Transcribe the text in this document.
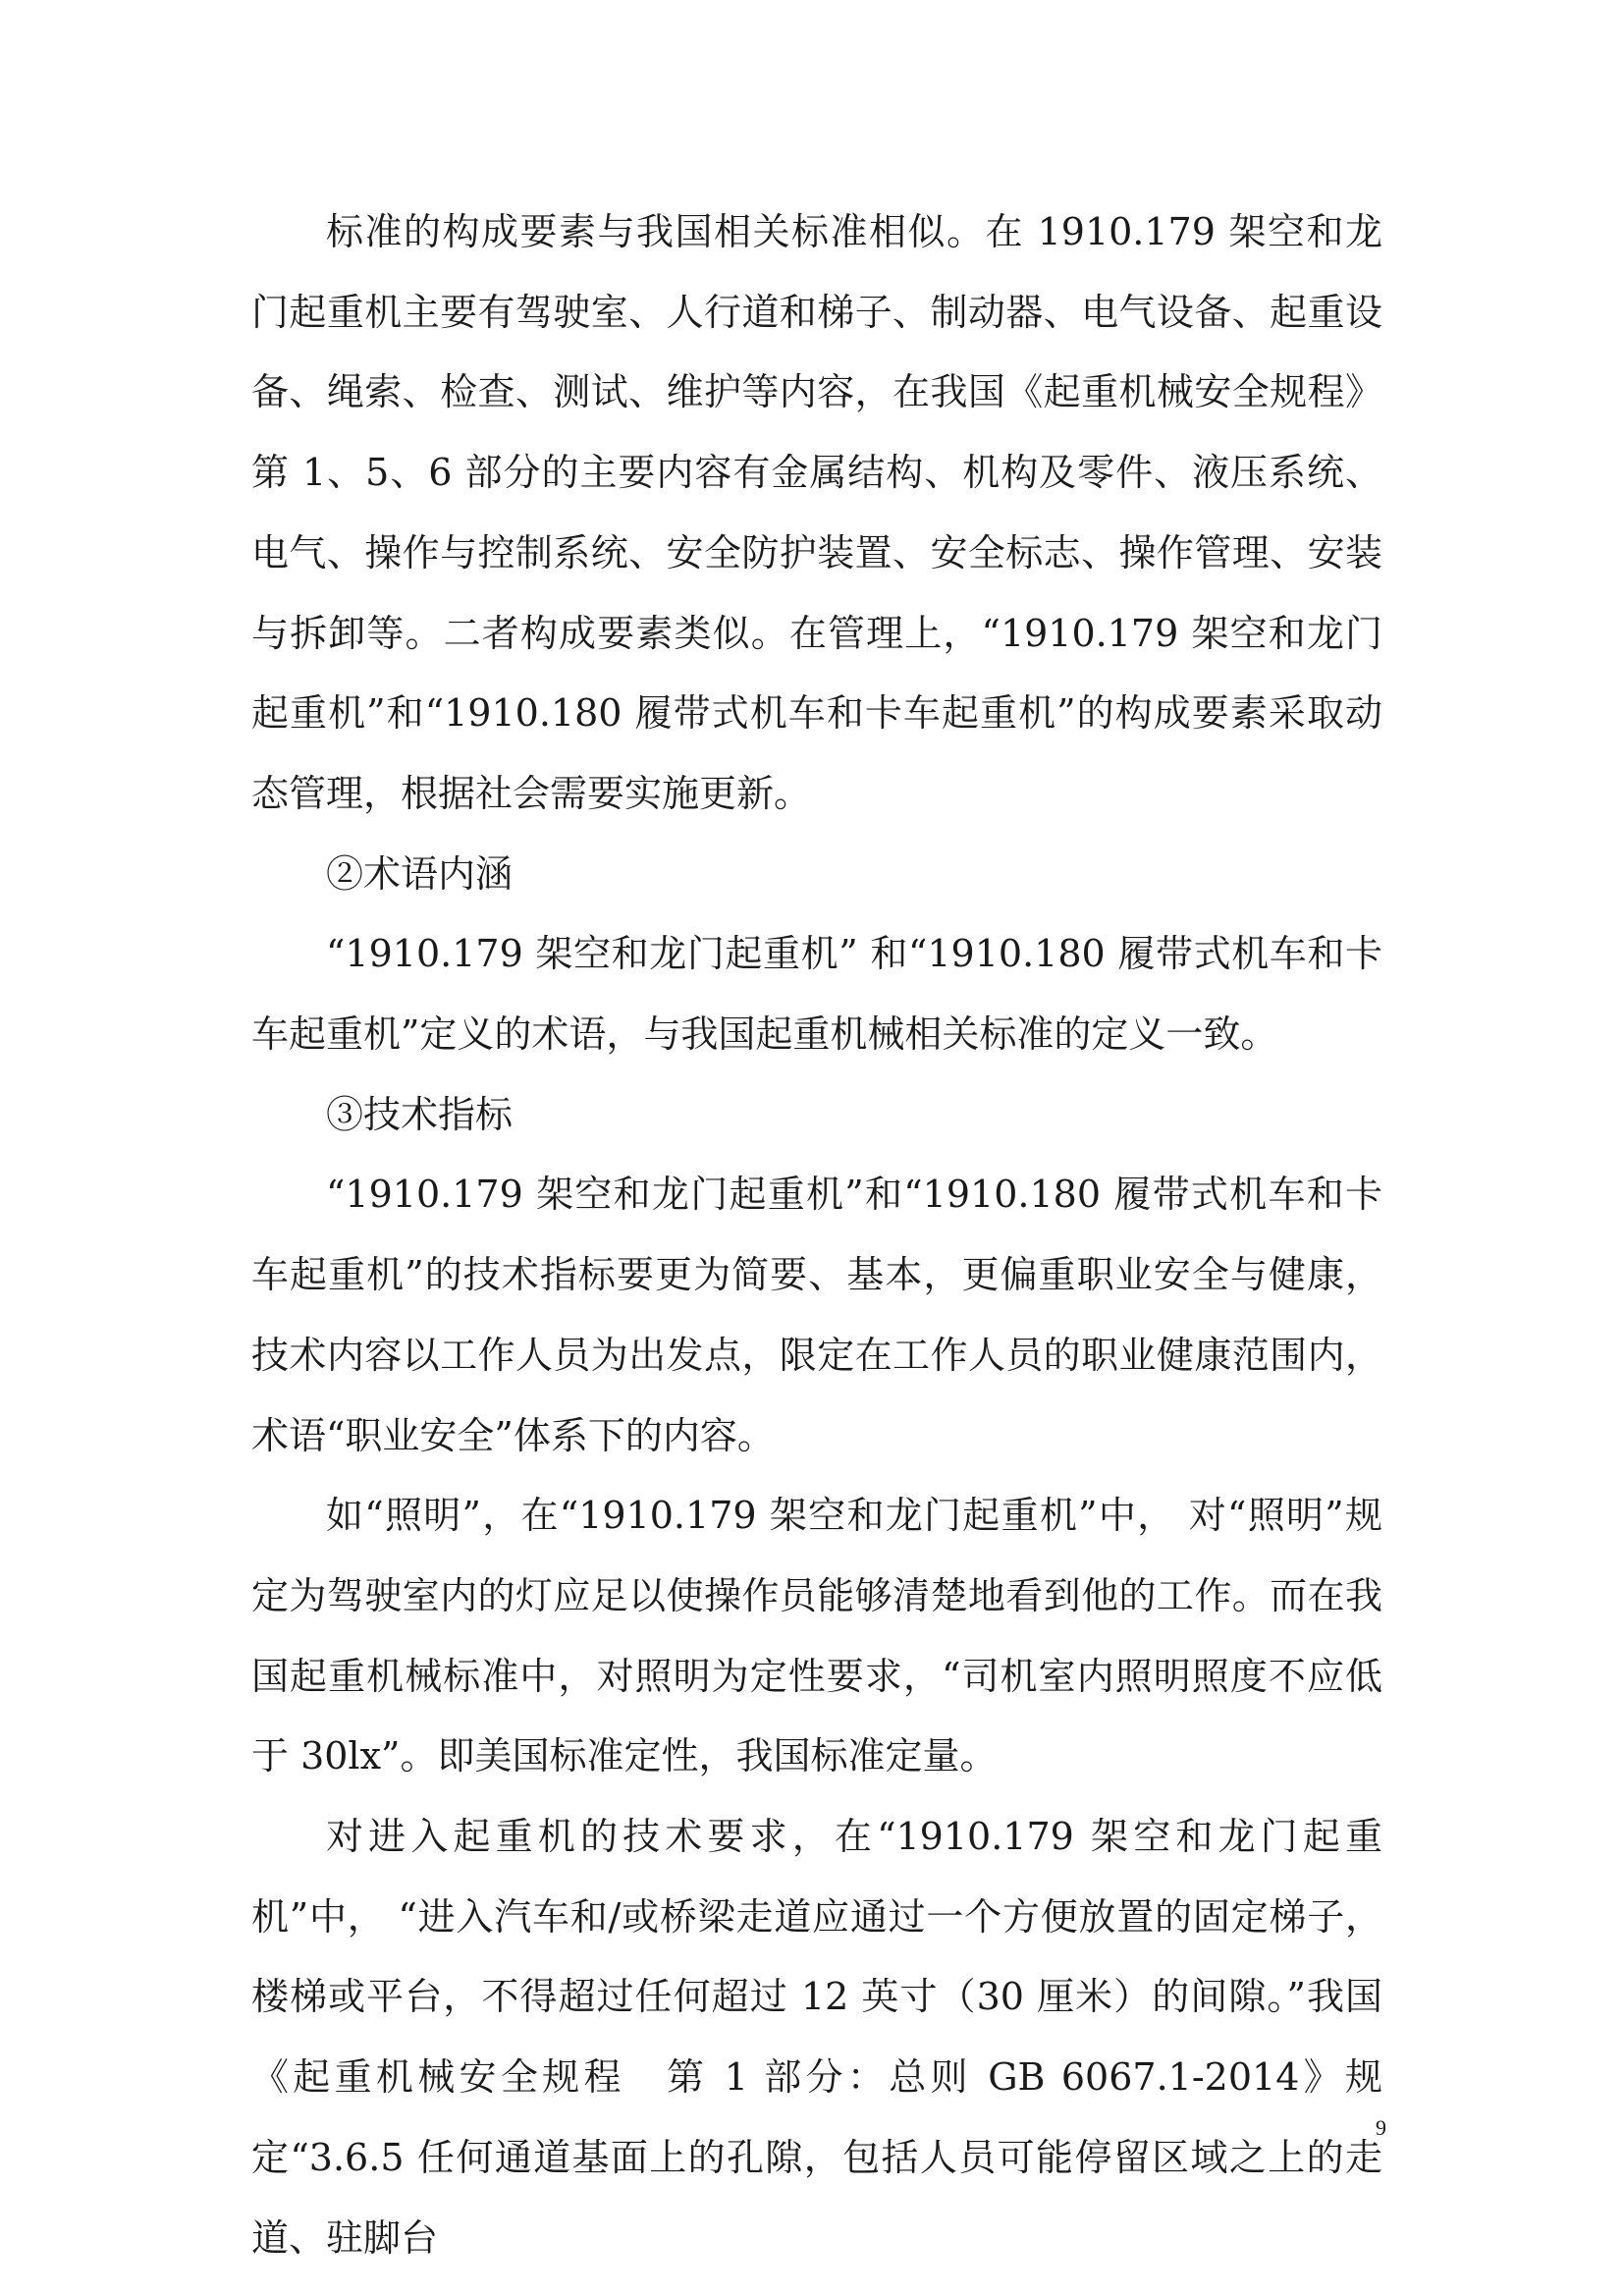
标准的构成要素与我国相关标准相似。在 1910.179 架空和龙门起重机主要有驾驶室、人行道和梯子、制动器、电气设备、起重设备、绳索、检查、测试、维护等内容，在我国《起重机械安全规程》第 1、5、6 部分的主要内容有金属结构、机构及零件、液压系统、电气、操作与控制系统、安全防护装置、安全标志、操作管理、安装与拆卸等。二者构成要素类似。在管理上，“1910.179 架空和龙门起重机”和“1910.180 履带式机车和卡车起重机”的构成要素采取动态管理，根据社会需要实施更新。

②术语内涵

“1910.179 架空和龙门起重机” 和“1910.180 履带式机车和卡车起重机”定义的术语，与我国起重机械相关标准的定义一致。

③技术指标

“1910.179 架空和龙门起重机”和“1910.180 履带式机车和卡车起重机”的技术指标要更为简要、基本，更偏重职业安全与健康，技术内容以工作人员为出发点，限定在工作人员的职业健康范围内，术语“职业安全”体系下的内容。

如“照明”，在“1910.179 架空和龙门起重机”中， 对“照明”规定为驾驶室内的灯应足以使操作员能够清楚地看到他的工作。而在我国起重机械标准中，对照明为定性要求，“司机室内照明照度不应低于 30lx”。即美国标准定性，我国标准定量。

对进入起重机的技术要求，在“1910.179 架空和龙门起重机”中， “进入汽车和/或桥梁走道应通过一个方便放置的固定梯子，楼梯或平台，不得超过任何超过 12 英寸（30 厘米）的间隙。”我国《起重机械安全规程　第 1 部分：总则 GB 6067.1-2014》规定“3.6.5 任何通道基面上的孔隙，包括人员可能停留区域之上的走道、驻脚台

9
